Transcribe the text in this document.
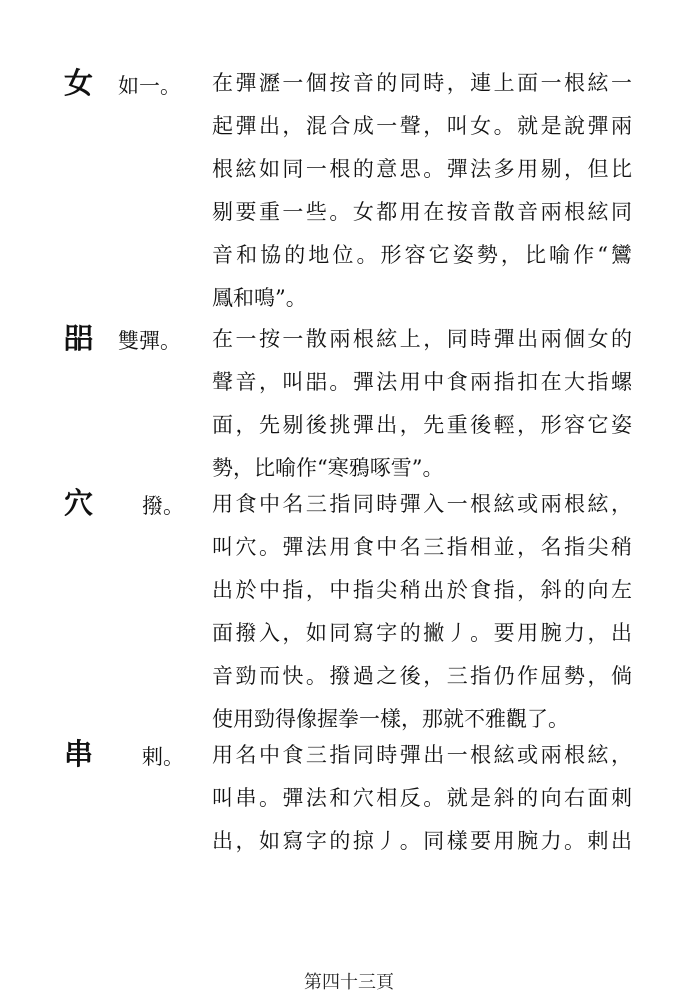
⼥ 如一。 在彈瀝一個按音的同時，連上面一根絃一
起彈出，混合成一聲，叫⼥。就是說彈兩
根絃如同一根的意思。彈法多用剔，但比
剔要重一些。⼥都用在按音散音兩根絃同
音和協的地位。形容它姿勢，比喻作“鸞
鳳和鳴”。
㗊 雙彈。 在一按一散兩根絃上，同時彈出兩個⼥的
聲音，叫㗊。彈法用中食兩指扣在大指螺
面，先剔後挑彈出，先重後輕，形容它姿
勢，比喻作“寒鴉啄雪”。
⽳ 撥。 用食中名三指同時彈入一根絃或兩根絃，
叫⽳。彈法用食中名三指相並，名指尖稍
出於中指，中指尖稍出於食指，斜的向左
面撥入，如同寫字的撇丿。要用腕力，出
音勁而快。撥過之後，三指仍作屈勢，倘
使用勁得像握拳一樣，那就不雅觀了。
串 剌。 用名中食三指同時彈出一根絃或兩根絃，
叫串。彈法和⽳相反。就是斜的向右面刺
出，如寫字的掠丿。同樣要用腕力。剌出
第四十三頁
